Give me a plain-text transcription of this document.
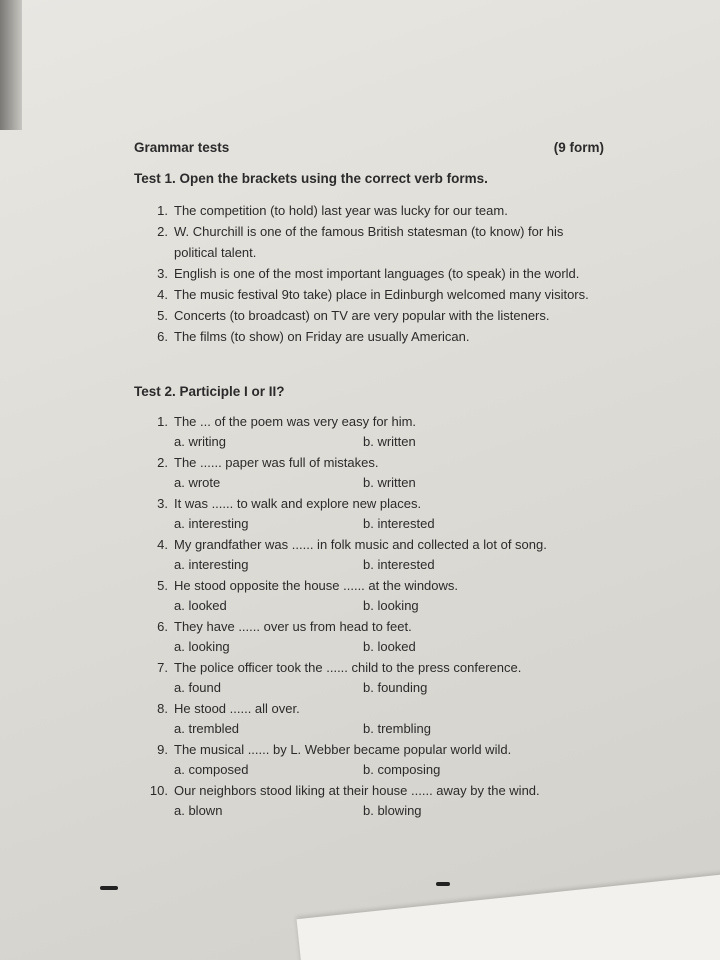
Grammar tests	(9 form)
Test 1. Open the brackets using the correct verb forms.
1. The competition (to hold) last year was lucky for our team.
2. W. Churchill is one of the famous British statesman (to know) for his
political talent.
3. English is one of the most important languages (to speak) in the world.
4. The music festival 9to take) place in Edinburgh welcomed many visitors.
5. Concerts (to broadcast) on TV are very popular with the listeners.
6. The films (to show) on Friday are usually American.
Test 2. Participle I or II?
1. The ... of the poem was very easy for him.
a. writing	b. written
2. The ...... paper was full of mistakes.
a. wrote	b. written
3. It was ...... to walk and explore new places.
a. interesting	b. interested
4. My grandfather was ...... in folk music and collected a lot of song.
a. interesting	b. interested
5. He stood opposite the house ...... at the windows.
a. looked	b. looking
6. They have ...... over us from head to feet.
a. looking	b. looked
7. The police officer took the ...... child to the press conference.
a. found	b. founding
8. He stood ...... all over.
a. trembled	b. trembling
9. The musical ...... by L. Webber became popular world wild.
a. composed	b. composing
10. Our neighbors stood liking at their house ...... away by the wind.
a. blown	b. blowing
